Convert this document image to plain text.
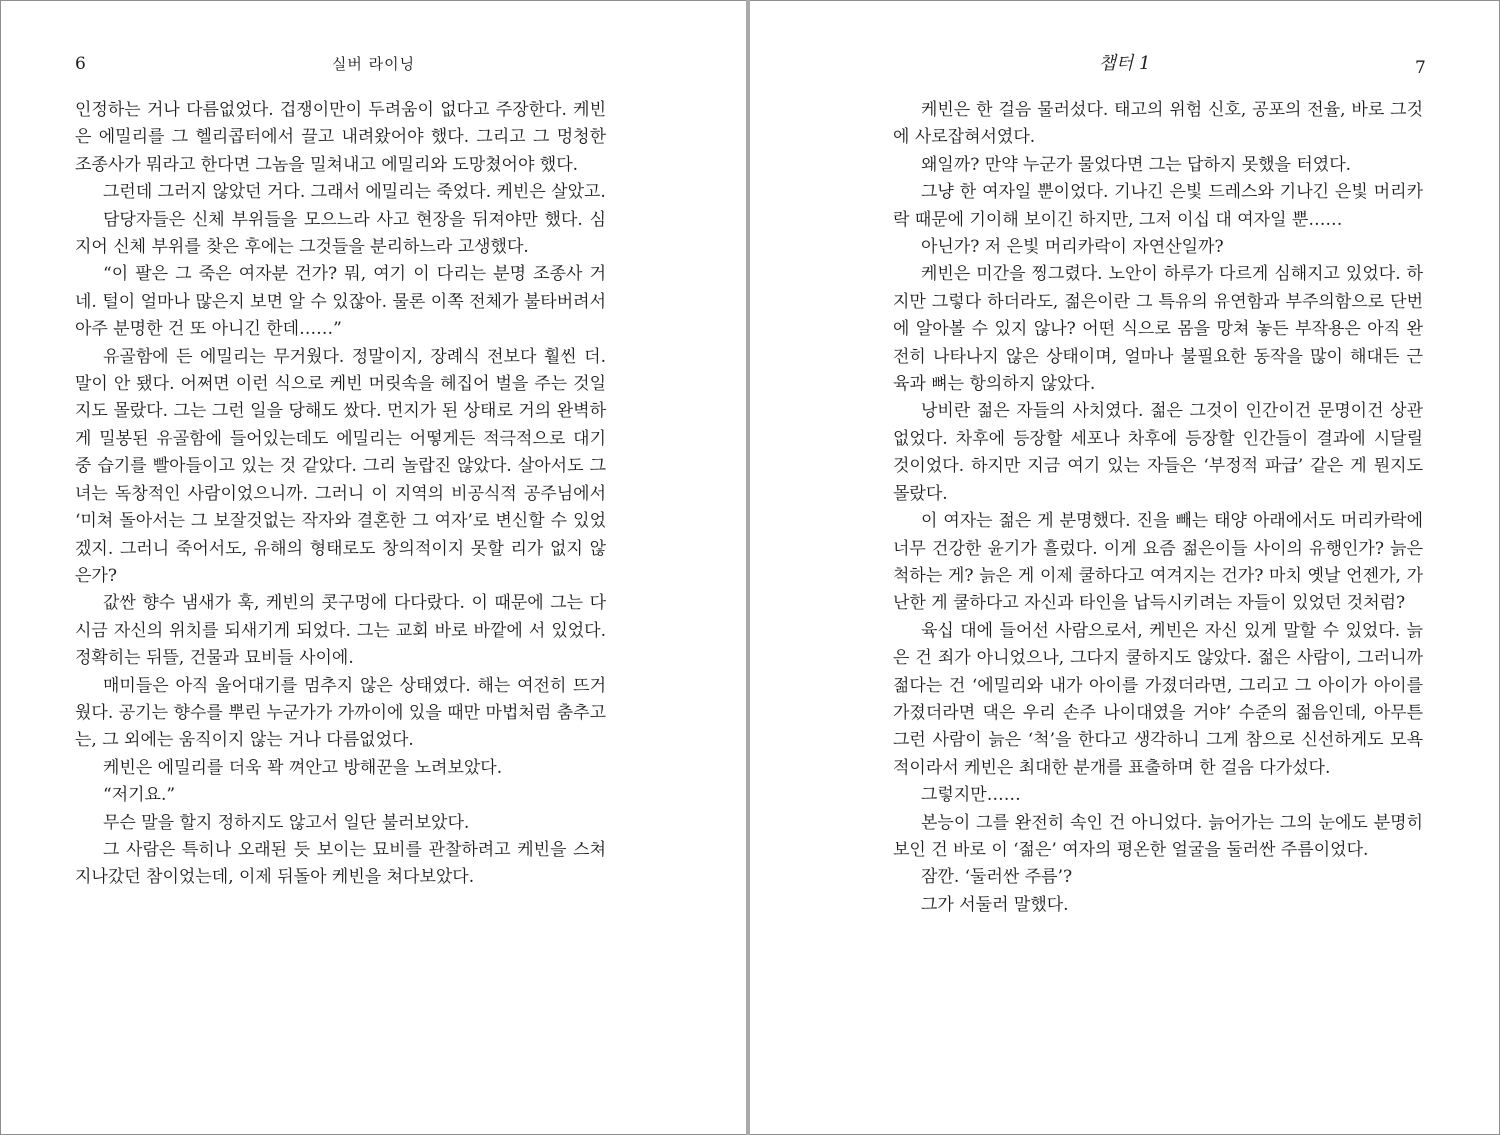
6	실버 라이닝

인정하는 거나 다름없었다. 겁쟁이만이 두려움이 없다고 주장한다. 케빈은 에밀리를 그 헬리콥터에서 끌고 내려왔어야 했다. 그리고 그 멍청한 조종사가 뭐라고 한다면 그놈을 밀쳐내고 에밀리와 도망쳤어야 했다.

그런데 그러지 않았던 거다. 그래서 에밀리는 죽었다. 케빈은 살았고.

담당자들은 신체 부위들을 모으느라 사고 현장을 뒤져야만 했다. 심지어 신체 부위를 찾은 후에는 그것들을 분리하느라 고생했다.

“이 팔은 그 죽은 여자분 건가? 뭐, 여기 이 다리는 분명 조종사 거네. 털이 얼마나 많은지 보면 알 수 있잖아. 물론 이쪽 전체가 불타버려서 아주 분명한 건 또 아니긴 한데……”

유골함에 든 에밀리는 무거웠다. 정말이지, 장례식 전보다 훨씬 더. 말이 안 됐다. 어쩌면 이런 식으로 케빈 머릿속을 헤집어 벌을 주는 것일지도 몰랐다. 그는 그런 일을 당해도 쌌다. 먼지가 된 상태로 거의 완벽하게 밀봉된 유골함에 들어있는데도 에밀리는 어떻게든 적극적으로 대기 중 습기를 빨아들이고 있는 것 같았다. 그리 놀랍진 않았다. 살아서도 그녀는 독창적인 사람이었으니까. 그러니 이 지역의 비공식적 공주님에서 ‘미쳐 돌아서는 그 보잘것없는 작자와 결혼한 그 여자’로 변신할 수 있었겠지. 그러니 죽어서도, 유해의 형태로도 창의적이지 못할 리가 없지 않은가?

값싼 향수 냄새가 훅, 케빈의 콧구멍에 다다랐다. 이 때문에 그는 다시금 자신의 위치를 되새기게 되었다. 그는 교회 바로 바깥에 서 있었다. 정확히는 뒤뜰, 건물과 묘비들 사이에.

매미들은 아직 울어대기를 멈추지 않은 상태였다. 해는 여전히 뜨거웠다. 공기는 향수를 뿌린 누군가가 가까이에 있을 때만 마법처럼 춤추고는, 그 외에는 움직이지 않는 거나 다름없었다.

케빈은 에밀리를 더욱 꽉 껴안고 방해꾼을 노려보았다.

“저기요.”

무슨 말을 할지 정하지도 않고서 일단 불러보았다.

그 사람은 특히나 오래된 듯 보이는 묘비를 관찰하려고 케빈을 스쳐 지나갔던 참이었는데, 이제 뒤돌아 케빈을 쳐다보았다.

챕터 1	7

케빈은 한 걸음 물러섰다. 태고의 위험 신호, 공포의 전율, 바로 그것에 사로잡혀서였다.

왜일까? 만약 누군가 물었다면 그는 답하지 못했을 터였다.

그냥 한 여자일 뿐이었다. 기나긴 은빛 드레스와 기나긴 은빛 머리카락 때문에 기이해 보이긴 하지만, 그저 이십 대 여자일 뿐……

아닌가? 저 은빛 머리카락이 자연산일까?

케빈은 미간을 찡그렸다. 노안이 하루가 다르게 심해지고 있었다. 하지만 그렇다 하더라도, 젊은이란 그 특유의 유연함과 부주의함으로 단번에 알아볼 수 있지 않나? 어떤 식으로 몸을 망쳐 놓든 부작용은 아직 완전히 나타나지 않은 상태이며, 얼마나 불필요한 동작을 많이 해대든 근육과 뼈는 항의하지 않았다.

낭비란 젊은 자들의 사치였다. 젊은 그것이 인간이건 문명이건 상관없었다. 차후에 등장할 세포나 차후에 등장할 인간들이 결과에 시달릴 것이었다. 하지만 지금 여기 있는 자들은 ‘부정적 파급’ 같은 게 뭔지도 몰랐다.

이 여자는 젊은 게 분명했다. 진을 빼는 태양 아래에서도 머리카락에 너무 건강한 윤기가 흘렀다. 이게 요즘 젊은이들 사이의 유행인가? 늙은 척하는 게? 늙은 게 이제 쿨하다고 여겨지는 건가? 마치 옛날 언젠가, 가난한 게 쿨하다고 자신과 타인을 납득시키려는 자들이 있었던 것처럼?

육십 대에 들어선 사람으로서, 케빈은 자신 있게 말할 수 있었다. 늙은 건 죄가 아니었으나, 그다지 쿨하지도 않았다. 젊은 사람이, 그러니까 젊다는 건 ‘에밀리와 내가 아이를 가졌더라면, 그리고 그 아이가 아이를 가졌더라면 댁은 우리 손주 나이대였을 거야’ 수준의 젊음인데, 아무튼 그런 사람이 늙은 ‘척’을 한다고 생각하니 그게 참으로 신선하게도 모욕적이라서 케빈은 최대한 분개를 표출하며 한 걸음 다가섰다.

그렇지만……

본능이 그를 완전히 속인 건 아니었다. 늙어가는 그의 눈에도 분명히 보인 건 바로 이 ‘젊은’ 여자의 평온한 얼굴을 둘러싼 주름이었다.

잠깐. ‘둘러싼 주름’?

그가 서둘러 말했다.
